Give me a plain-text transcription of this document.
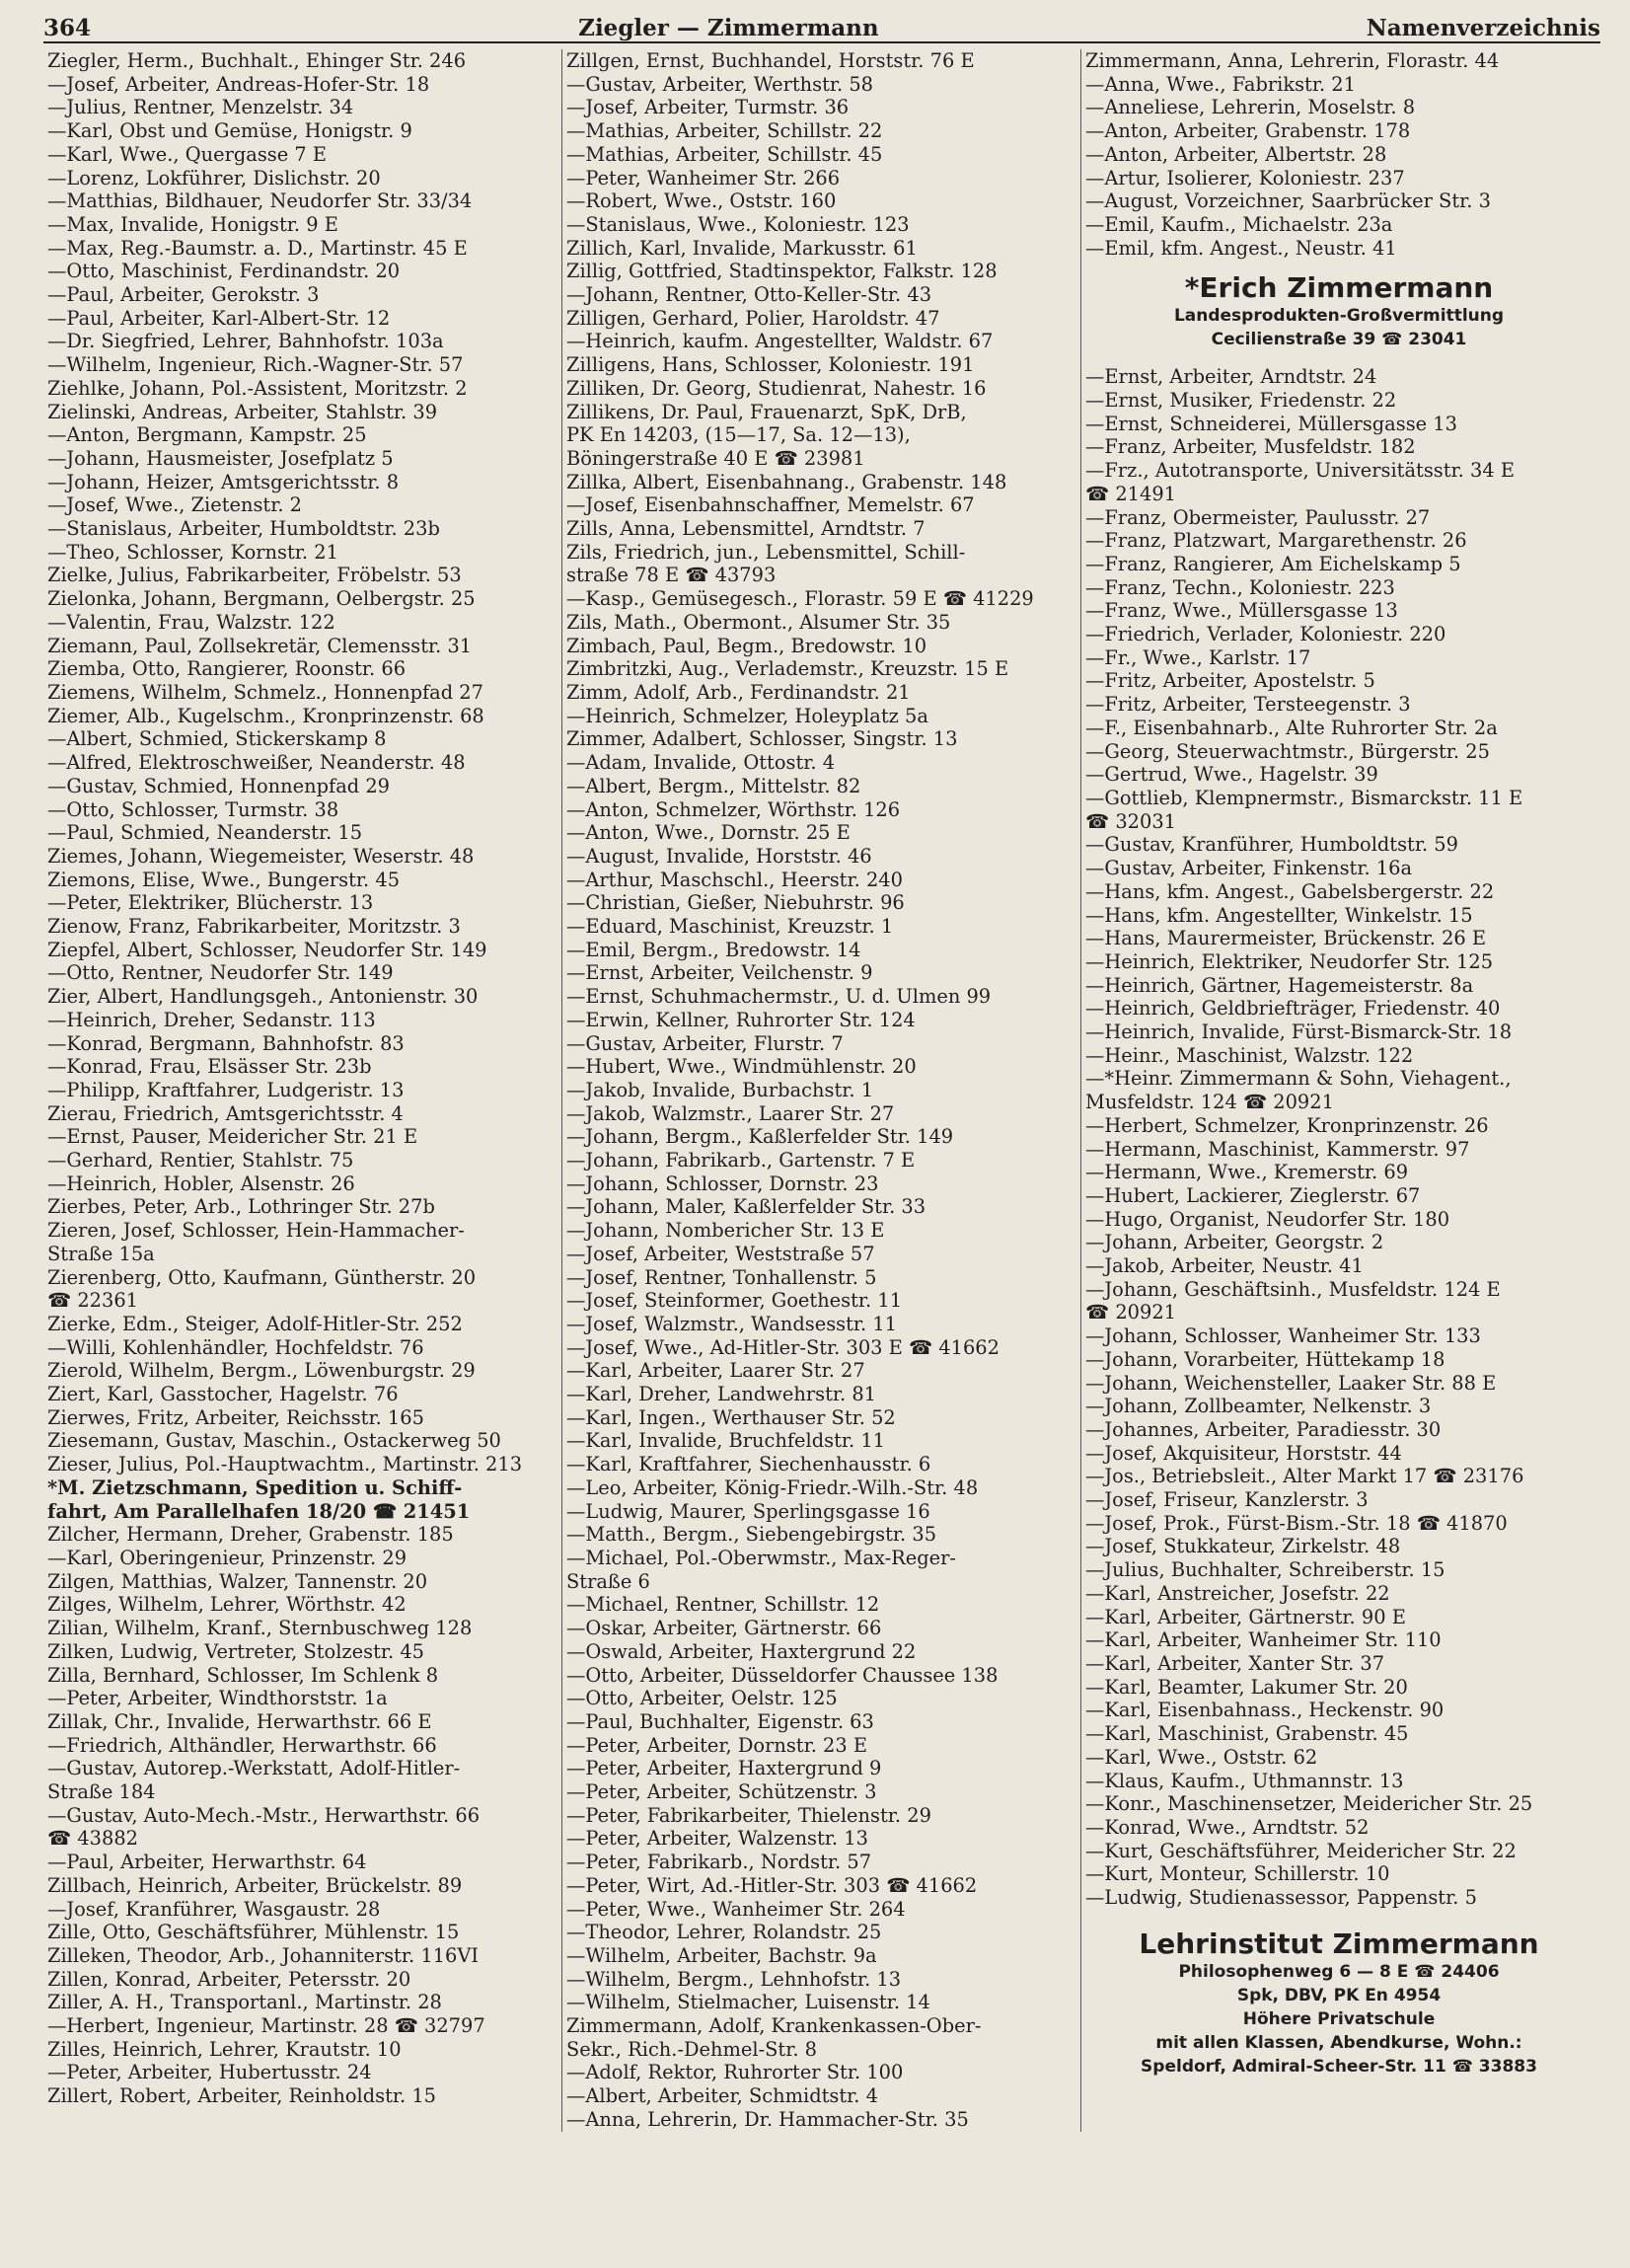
364	Ziegler — Zimmermann	Namenverzeichnis
Ziegler, Herm., Buchhalt., Ehinger Str. 246
—Josef, Arbeiter, Andreas-Hofer-Str. 18
—Julius, Rentner, Menzelstr. 34
—Karl, Obst und Gemüse, Honigstr. 9
—Karl, Wwe., Quergasse 7 E
—Lorenz, Lokführer, Dislichstr. 20
—Matthias, Bildhauer, Neudorfer Str. 33/34
—Max, Invalide, Honigstr. 9 E
—Max, Reg.-Baumstr. a. D., Martinstr. 45 E
—Otto, Maschinist, Ferdinandstr. 20
—Paul, Arbeiter, Gerokstr. 3
—Paul, Arbeiter, Karl-Albert-Str. 12
—Dr. Siegfried, Lehrer, Bahnhofstr. 103a
—Wilhelm, Ingenieur, Rich.-Wagner-Str. 57
Ziehlke, Johann, Pol.-Assistent, Moritzstr. 2
Zielinski, Andreas, Arbeiter, Stahlstr. 39
—Anton, Bergmann, Kampstr. 25
—Johann, Hausmeister, Josefplatz 5
—Johann, Heizer, Amtsgerichtsstr. 8
—Josef, Wwe., Zietenstr. 2
—Stanislaus, Arbeiter, Humboldtstr. 23b
—Theo, Schlosser, Kornstr. 21
Zielke, Julius, Fabrikarbeiter, Fröbelstr. 53
Zielonka, Johann, Bergmann, Oelbergstr. 25
—Valentin, Frau, Walzstr. 122
Ziemann, Paul, Zollsekretär, Clemensstr. 31
Ziemba, Otto, Rangierer, Roonstr. 66
Ziemens, Wilhelm, Schmelz., Honnenpfad 27
Ziemer, Alb., Kugelschm., Kronprinzenstr. 68
—Albert, Schmied, Stickerskamp 8
—Alfred, Elektroschweißer, Neanderstr. 48
—Gustav, Schmied, Honnenpfad 29
—Otto, Schlosser, Turmstr. 38
—Paul, Schmied, Neanderstr. 15
Ziemes, Johann, Wiegemeister, Weserstr. 48
Ziemons, Elise, Wwe., Bungerstr. 45
—Peter, Elektriker, Blücherstr. 13
Zienow, Franz, Fabrikarbeiter, Moritzstr. 3
Ziepfel, Albert, Schlosser, Neudorfer Str. 149
—Otto, Rentner, Neudorfer Str. 149
Zier, Albert, Handlungsgeh., Antonienstr. 30
—Heinrich, Dreher, Sedanstr. 113
—Konrad, Bergmann, Bahnhofstr. 83
—Konrad, Frau, Elsässer Str. 23b
—Philipp, Kraftfahrer, Ludgeristr. 13
Zierau, Friedrich, Amtsgerichtsstr. 4
—Ernst, Pauser, Meidericher Str. 21 E
—Gerhard, Rentier, Stahlstr. 75
—Heinrich, Hobler, Alsenstr. 26
Zierbes, Peter, Arb., Lothringer Str. 27b
Zieren, Josef, Schlosser, Hein-Hammacher-
Straße 15a
Zierenberg, Otto, Kaufmann, Güntherstr. 20
☎ 22361
Zierke, Edm., Steiger, Adolf-Hitler-Str. 252
—Willi, Kohlenhändler, Hochfeldstr. 76
Zierold, Wilhelm, Bergm., Löwenburgstr. 29
Ziert, Karl, Gasstocher, Hagelstr. 76
Zierwes, Fritz, Arbeiter, Reichsstr. 165
Ziesemann, Gustav, Maschin., Ostackerweg 50
Zieser, Julius, Pol.-Hauptwachtm., Martinstr. 213
*M. Zietzschmann, Spedition u. Schiff-
fahrt, Am Parallelhafen 18/20 ☎ 21451
Zilcher, Hermann, Dreher, Grabenstr. 185
—Karl, Oberingenieur, Prinzenstr. 29
Zilgen, Matthias, Walzer, Tannenstr. 20
Zilges, Wilhelm, Lehrer, Wörthstr. 42
Zilian, Wilhelm, Kranf., Sternbuschweg 128
Zilken, Ludwig, Vertreter, Stolzestr. 45
Zilla, Bernhard, Schlosser, Im Schlenk 8
—Peter, Arbeiter, Windthorststr. 1a
Zillak, Chr., Invalide, Herwarthstr. 66 E
—Friedrich, Althändler, Herwarthstr. 66
—Gustav, Autorep.-Werkstatt, Adolf-Hitler-
Straße 184
—Gustav, Auto-Mech.-Mstr., Herwarthstr. 66
☎ 43882
—Paul, Arbeiter, Herwarthstr. 64
Zillbach, Heinrich, Arbeiter, Brückelstr. 89
—Josef, Kranführer, Wasgaustr. 28
Zille, Otto, Geschäftsführer, Mühlenstr. 15
Zilleken, Theodor, Arb., Johanniterstr. 116VI
Zillen, Konrad, Arbeiter, Petersstr. 20
Ziller, A. H., Transportanl., Martinstr. 28
—Herbert, Ingenieur, Martinstr. 28 ☎ 32797
Zilles, Heinrich, Lehrer, Krautstr. 10
—Peter, Arbeiter, Hubertusstr. 24
Zillert, Robert, Arbeiter, Reinholdstr. 15
Zillgen, Ernst, Buchhandel, Horststr. 76 E
—Gustav, Arbeiter, Werthstr. 58
—Josef, Arbeiter, Turmstr. 36
—Mathias, Arbeiter, Schillstr. 22
—Mathias, Arbeiter, Schillstr. 45
—Peter, Wanheimer Str. 266
—Robert, Wwe., Oststr. 160
—Stanislaus, Wwe., Koloniestr. 123
Zillich, Karl, Invalide, Markusstr. 61
Zillig, Gottfried, Stadtinspektor, Falkstr. 128
—Johann, Rentner, Otto-Keller-Str. 43
Zilligen, Gerhard, Polier, Haroldstr. 47
—Heinrich, kaufm. Angestellter, Waldstr. 67
Zilligens, Hans, Schlosser, Koloniestr. 191
Zilliken, Dr. Georg, Studienrat, Nahestr. 16
Zillikens, Dr. Paul, Frauenarzt, SpK, DrB,
PK En 14203, (15—17, Sa. 12—13),
Böningerstraße 40 E ☎ 23981
Zillka, Albert, Eisenbahnang., Grabenstr. 148
—Josef, Eisenbahnschaffner, Memelstr. 67
Zills, Anna, Lebensmittel, Arndtstr. 7
Zils, Friedrich, jun., Lebensmittel, Schill-
straße 78 E ☎ 43793
—Kasp., Gemüsegesch., Florastr. 59 E ☎ 41229
Zils, Math., Obermont., Alsumer Str. 35
Zimbach, Paul, Begm., Bredowstr. 10
Zimbritzki, Aug., Verlademstr., Kreuzstr. 15 E
Zimm, Adolf, Arb., Ferdinandstr. 21
—Heinrich, Schmelzer, Holeyplatz 5a
Zimmer, Adalbert, Schlosser, Singstr. 13
—Adam, Invalide, Ottostr. 4
—Albert, Bergm., Mittelstr. 82
—Anton, Schmelzer, Wörthstr. 126
—Anton, Wwe., Dornstr. 25 E
—August, Invalide, Horststr. 46
—Arthur, Maschschl., Heerstr. 240
—Christian, Gießer, Niebuhrstr. 96
—Eduard, Maschinist, Kreuzstr. 1
—Emil, Bergm., Bredowstr. 14
—Ernst, Arbeiter, Veilchenstr. 9
—Ernst, Schuhmachermstr., U. d. Ulmen 99
—Erwin, Kellner, Ruhrorter Str. 124
—Gustav, Arbeiter, Flurstr. 7
—Hubert, Wwe., Windmühlenstr. 20
—Jakob, Invalide, Burbachstr. 1
—Jakob, Walzmstr., Laarer Str. 27
—Johann, Bergm., Kaßlerfelder Str. 149
—Johann, Fabrikarb., Gartenstr. 7 E
—Johann, Schlosser, Dornstr. 23
—Johann, Maler, Kaßlerfelder Str. 33
—Johann, Nombericher Str. 13 E
—Josef, Arbeiter, Weststraße 57
—Josef, Rentner, Tonhallenstr. 5
—Josef, Steinformer, Goethestr. 11
—Josef, Walzmstr., Wandsesstr. 11
—Josef, Wwe., Ad-Hitler-Str. 303 E ☎ 41662
—Karl, Arbeiter, Laarer Str. 27
—Karl, Dreher, Landwehrstr. 81
—Karl, Ingen., Werthauser Str. 52
—Karl, Invalide, Bruchfeldstr. 11
—Karl, Kraftfahrer, Siechenhausstr. 6
—Leo, Arbeiter, König-Friedr.-Wilh.-Str. 48
—Ludwig, Maurer, Sperlingsgasse 16
—Matth., Bergm., Siebengebirgstr. 35
—Michael, Pol.-Oberwmstr., Max-Reger-
Straße 6
—Michael, Rentner, Schillstr. 12
—Oskar, Arbeiter, Gärtnerstr. 66
—Oswald, Arbeiter, Haxtergrund 22
—Otto, Arbeiter, Düsseldorfer Chaussee 138
—Otto, Arbeiter, Oelstr. 125
—Paul, Buchhalter, Eigenstr. 63
—Peter, Arbeiter, Dornstr. 23 E
—Peter, Arbeiter, Haxtergrund 9
—Peter, Arbeiter, Schützenstr. 3
—Peter, Fabrikarbeiter, Thielenstr. 29
—Peter, Arbeiter, Walzenstr. 13
—Peter, Fabrikarb., Nordstr. 57
—Peter, Wirt, Ad.-Hitler-Str. 303 ☎ 41662
—Peter, Wwe., Wanheimer Str. 264
—Theodor, Lehrer, Rolandstr. 25
—Wilhelm, Arbeiter, Bachstr. 9a
—Wilhelm, Bergm., Lehnhofstr. 13
—Wilhelm, Stielmacher, Luisenstr. 14
Zimmermann, Adolf, Krankenkassen-Ober-
Sekr., Rich.-Dehmel-Str. 8
—Adolf, Rektor, Ruhrorter Str. 100
—Albert, Arbeiter, Schmidtstr. 4
—Anna, Lehrerin, Dr. Hammacher-Str. 35
Zimmermann, Anna, Lehrerin, Florastr. 44
—Anna, Wwe., Fabrikstr. 21
—Anneliese, Lehrerin, Moselstr. 8
—Anton, Arbeiter, Grabenstr. 178
—Anton, Arbeiter, Albertstr. 28
—Artur, Isolierer, Koloniestr. 237
—August, Vorzeichner, Saarbrücker Str. 3
—Emil, Kaufm., Michaelstr. 23a
—Emil, kfm. Angest., Neustr. 41
*Erich Zimmermann
Landesprodukten-Großvermittlung
Cecilienstraße 39 ☎ 23041
—Ernst, Arbeiter, Arndtstr. 24
—Ernst, Musiker, Friedenstr. 22
—Ernst, Schneiderei, Müllersgasse 13
—Franz, Arbeiter, Musfeldstr. 182
—Frz., Autotransporte, Universitätsstr. 34 E
☎ 21491
—Franz, Obermeister, Paulusstr. 27
—Franz, Platzwart, Margarethenstr. 26
—Franz, Rangierer, Am Eichelskamp 5
—Franz, Techn., Koloniestr. 223
—Franz, Wwe., Müllersgasse 13
—Friedrich, Verlader, Koloniestr. 220
—Fr., Wwe., Karlstr. 17
—Fritz, Arbeiter, Apostelstr. 5
—Fritz, Arbeiter, Tersteegenstr. 3
—F., Eisenbahnarb., Alte Ruhrorter Str. 2a
—Georg, Steuerwachtmstr., Bürgerstr. 25
—Gertrud, Wwe., Hagelstr. 39
—Gottlieb, Klempnermstr., Bismarckstr. 11 E
☎ 32031
—Gustav, Kranführer, Humboldtstr. 59
—Gustav, Arbeiter, Finkenstr. 16a
—Hans, kfm. Angest., Gabelsbergerstr. 22
—Hans, kfm. Angestellter, Winkelstr. 15
—Hans, Maurermeister, Brückenstr. 26 E
—Heinrich, Elektriker, Neudorfer Str. 125
—Heinrich, Gärtner, Hagemeisterstr. 8a
—Heinrich, Geldbriefträger, Friedenstr. 40
—Heinrich, Invalide, Fürst-Bismarck-Str. 18
—Heinr., Maschinist, Walzstr. 122
—*Heinr. Zimmermann & Sohn, Viehagent.,
Musfeldstr. 124 ☎ 20921
—Herbert, Schmelzer, Kronprinzenstr. 26
—Hermann, Maschinist, Kammerstr. 97
—Hermann, Wwe., Kremerstr. 69
—Hubert, Lackierer, Zieglerstr. 67
—Hugo, Organist, Neudorfer Str. 180
—Johann, Arbeiter, Georgstr. 2
—Jakob, Arbeiter, Neustr. 41
—Johann, Geschäftsinh., Musfeldstr. 124 E
☎ 20921
—Johann, Schlosser, Wanheimer Str. 133
—Johann, Vorarbeiter, Hüttekamp 18
—Johann, Weichensteller, Laaker Str. 88 E
—Johann, Zollbeamter, Nelkenstr. 3
—Johannes, Arbeiter, Paradiesstr. 30
—Josef, Akquisiteur, Horststr. 44
—Jos., Betriebsleit., Alter Markt 17 ☎ 23176
—Josef, Friseur, Kanzlerstr. 3
—Josef, Prok., Fürst-Bism.-Str. 18 ☎ 41870
—Josef, Stukkateur, Zirkelstr. 48
—Julius, Buchhalter, Schreiberstr. 15
—Karl, Anstreicher, Josefstr. 22
—Karl, Arbeiter, Gärtnerstr. 90 E
—Karl, Arbeiter, Wanheimer Str. 110
—Karl, Arbeiter, Xanter Str. 37
—Karl, Beamter, Lakumer Str. 20
—Karl, Eisenbahnass., Heckenstr. 90
—Karl, Maschinist, Grabenstr. 45
—Karl, Wwe., Oststr. 62
—Klaus, Kaufm., Uthmannstr. 13
—Konr., Maschinensetzer, Meidericher Str. 25
—Konrad, Wwe., Arndtstr. 52
—Kurt, Geschäftsführer, Meidericher Str. 22
—Kurt, Monteur, Schillerstr. 10
—Ludwig, Studienassessor, Pappenstr. 5
Lehrinstitut Zimmermann
Philosophenweg 6 — 8 E ☎ 24406
Spk, DBV, PK En 4954
Höhere Privatschule
mit allen Klassen, Abendkurse, Wohn.:
Speldorf, Admiral-Scheer-Str. 11 ☎ 33883
